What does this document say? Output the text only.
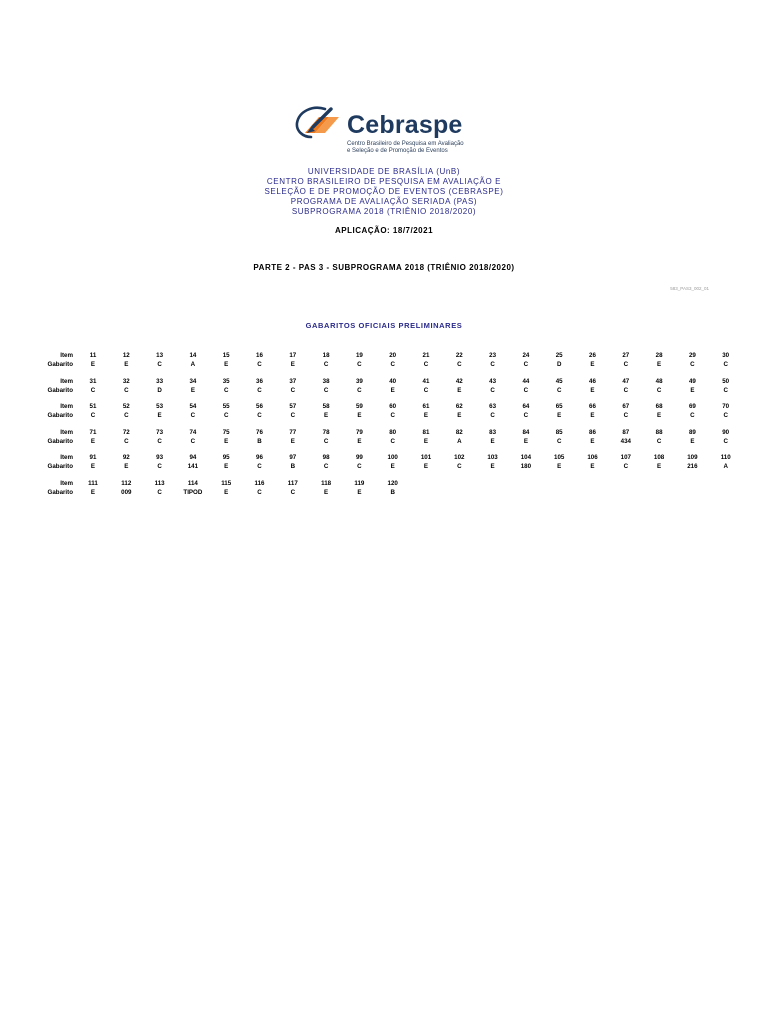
Cebraspe
Centro Brasileiro de Pesquisa em Avaliação
e Seleção e de Promoção de Eventos
UNIVERSIDADE DE BRASÍLIA (UnB)
CENTRO BRASILEIRO DE PESQUISA EM AVALIAÇÃO E
SELEÇÃO E DE PROMOÇÃO DE EVENTOS (CEBRASPE)
PROGRAMA DE AVALIAÇÃO SERIADA (PAS)
SUBPROGRAMA 2018 (TRIÊNIO 2018/2020)
APLICAÇÃO: 18/7/2021
PARTE 2 - PAS 3 - SUBPROGRAMA 2018 (TRIÊNIO 2018/2020)
583_PAS3_002_01
GABARITOS OFICIAIS PRELIMINARES
Item
Gabarito
11
E
12
E
13
C
14
A
15
E
16
C
17
E
18
C
19
C
20
C
21
C
22
C
23
C
24
C
25
D
26
E
27
C
28
E
29
C
30
C
Item
Gabarito
31
C
32
C
33
D
34
E
35
C
36
C
37
C
38
C
39
C
40
E
41
C
42
E
43
C
44
C
45
C
46
E
47
C
48
C
49
E
50
C
Item
Gabarito
51
C
52
C
53
E
54
C
55
C
56
C
57
C
58
E
59
E
60
C
61
E
62
E
63
C
64
C
65
E
66
E
67
C
68
E
69
C
70
C
Item
Gabarito
71
E
72
C
73
C
74
C
75
E
76
B
77
E
78
C
79
E
80
C
81
E
82
A
83
E
84
E
85
C
86
E
87
434
88
C
89
E
90
C
Item
Gabarito
91
E
92
E
93
C
94
141
95
E
96
C
97
B
98
C
99
C
100
E
101
E
102
C
103
E
104
180
105
E
106
E
107
C
108
E
109
216
110
A
Item
Gabarito
111
E
112
009
113
C
114
TIPOD
115
E
116
C
117
C
118
E
119
E
120
B
